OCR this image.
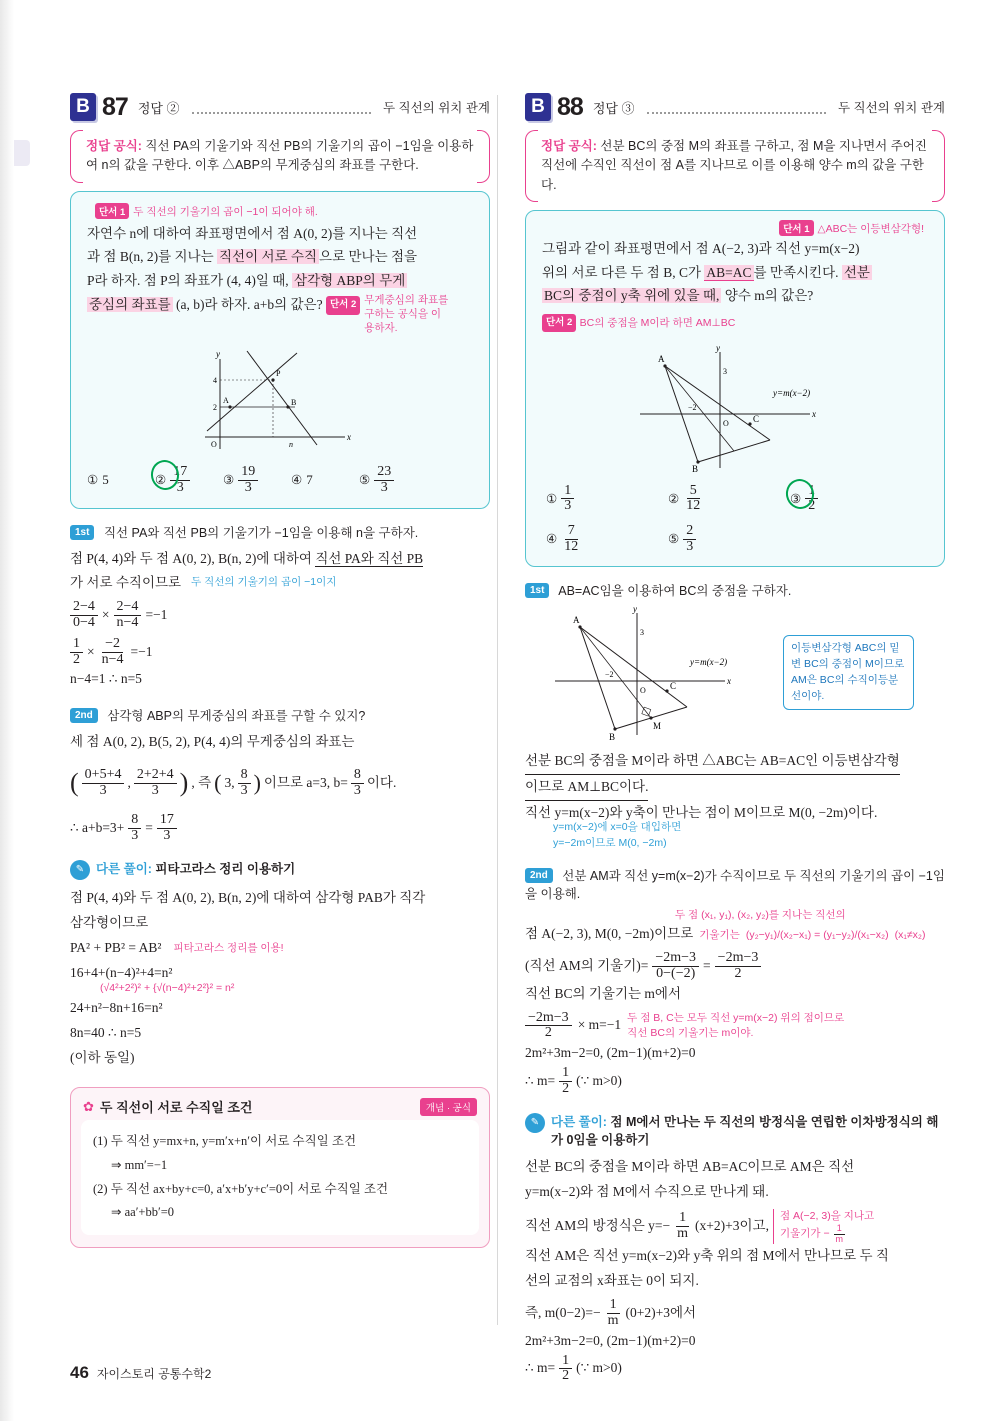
B 87 정답 ②	두 직선의 위치 관계
정답 공식: 직선 PA의 기울기와 직선 PB의 기울기의 곱이 −1임을 이용하여 n의 값을 구한다. 이후 △ABP의 무게중심의 좌표를 구한다.
단서 1 두 직선의 기울기의 곱이 −1이 되어야 해.
자연수 n에 대하여 좌표평면에서 점 A(0, 2)를 지나는 직선
과 점 B(n, 2)를 지나는 직선이 서로 수직 으로 만나는 점을
P라 하자. 점 P의 좌표가 (4, 4)일 때, 삼각형 ABP의 무게
중심의 좌표를 (a, b)라 하자. a+b의 값은? 단서 2 무게중심의 좌표를 구하는 공식을 이용하자.
A	B
P
2
4
O	n
x
y
① 5	② $\frac{17}{3}$	③ $\frac{19}{3}$	④ 7	⑤ $\frac{23}{3}$
1st 직선 PA와 직선 PB의 기울기가 −1임을 이용해 n을 구하자.
점 P(4, 4)와 두 점 A(0, 2), B(n, 2)에 대하여 직선 PA와 직선 PB
가 서로 수직이므로 두 직선의 기울기의 곱이 −1이지
$\frac{2-4}{0-4} \times \frac{2-4}{n-4} =-1$
$\frac{1}{2} \times \frac{-2}{n-4} =-1$
n−4=1 ∴ n=5
2nd 삼각형 ABP의 무게중심의 좌표를 구할 수 있지?
세 점 A(0, 2), B(5, 2), P(4, 4)의 무게중심의 좌표는
( $\frac{0+5+4}{3}$ , $\frac{2+2+4}{3}$ ) , 즉 ( 3, $\frac{8}{3}$ ) 이므로 a=3, $b= \frac{8}{3}$ 이다.
∴ $a+b=3+ \frac{8}{3} = \frac{17}{3}$
✎ 다른 풀이: 피타고라스 정리 이용하기
점 P(4, 4)와 두 점 A(0, 2), B(n, 2)에 대하여 삼각형 PAB가 직각
삼각형이므로
PA² + PB² = AB² 피타고라스 정리를 이용!
16+4+(n−4)²+4=n²
(√4²+2²)² + {√(n−4)²+2²}² = n²
24+n²−8n+16=n²
8n=40 ∴ n=5
(이하 동일)
✿ 두 직선이 서로 수직일 조건	개념 · 공식
(1) 두 직선 y=mx+n, y=m′x+n′이 서로 수직일 조건
⇒ mm′=−1
(2) 두 직선 ax+by+c=0, a′x+b′y+c′=0이 서로 수직일 조건
⇒ aa′+bb′=0
B 88 정답 ③	두 직선의 위치 관계
정답 공식: 선분 BC의 중점 M의 좌표를 구하고, 점 M을 지나면서 주어진 직선에 수직인 직선이 점 A를 지나므로 이를 이용해 양수 m의 값을 구한다.
단서 1 △ABC는 이등변삼각형!
그림과 같이 좌표평면에서 점 A(−2, 3)과 직선 y=m(x−2)
위의 서로 다른 두 점 B, C가 AB=AC 를 만족시킨다. 선분
BC의 중점이 y축 위에 있을 때, 양수 m의 값은?
단서 2 BC의 중점을 M이라 하면 AM⊥BC
A
B
C
3
−2
O
x
y
y=m(x−2)
① $\frac{1}{3}$	② $\frac{5}{12}$	③ $\frac{1}{2}$
④ $\frac{7}{12}$	⑤ $\frac{2}{3}$
1st AB=AC임을 이용하여 BC의 중점을 구하자.
A
B
C
M
3
−2
O
x
y
y=m(x−2)
이등변삼각형 ABC의 밑변 BC의 중점이 M이므로 AM은 BC의 수직이등분선이야.
선분 BC의 중점을 M이라 하면 △ABC는 AB=AC인 이등변삼각형 이므로 AM⊥BC이다.
직선 y=m(x−2)와 y축이 만나는 점이 M이므로 M(0, −2m)이다.
y=m(x−2)에 x=0을 대입하면
y=−2m이므로 M(0, −2m)
2nd 선분 AM과 직선 y=m(x−2)가 수직이므로 두 직선의 기울기의 곱이 −1임을 이용해.
두 점 (x₁, y₁), (x₂, y₂)를 지나는 직선의
점 A(−2, 3), M(0, −2m)이므로 기울기는 (y₂−y₁)/(x₂−x₁) = (y₁−y₂)/(x₁−x₂) (x₁≠x₂)
(직선 AM의 기울기)= $\frac{-2m-3}{0-(-2)} = \frac{-2m-3}{2}$
직선 BC의 기울기는 m에서
$\frac{-2m-3}{2} \times m=-1$ 두 점 B, C는 모두 직선 y=m(x−2) 위의 점이므로
직선 BC의 기울기는 m이야.
2m²+3m−2=0, (2m−1)(m+2)=0
∴ $m= \frac{1}{2}$ (∵ m>0)
✎ 다른 풀이: 점 M에서 만나는 두 직선의 방정식을 연립한 이차방정식의 해가 0임을 이용하기
선분 BC의 중점을 M이라 하면 AB=AC이므로 AM은 직선
y=m(x−2)와 점 M에서 수직으로 만나게 돼.
직선 AM의 방정식은 $y=- \frac{1}{m} (x+2)+3$이고,
점 A(−2, 3)을 지나고
기울기가 − $\frac{1}{m}$
직선 AM은 직선 y=m(x−2)와 y축 위의 점 M에서 만나므로 두 직
선의 교점의 x좌표는 0이 되지.
즉, $m(0-2)=- \frac{1}{m} (0+2)+3$에서
2m²+3m−2=0, (2m−1)(m+2)=0
∴ $m= \frac{1}{2}$ (∵ m>0)
46 자이스토리 공통수학2
